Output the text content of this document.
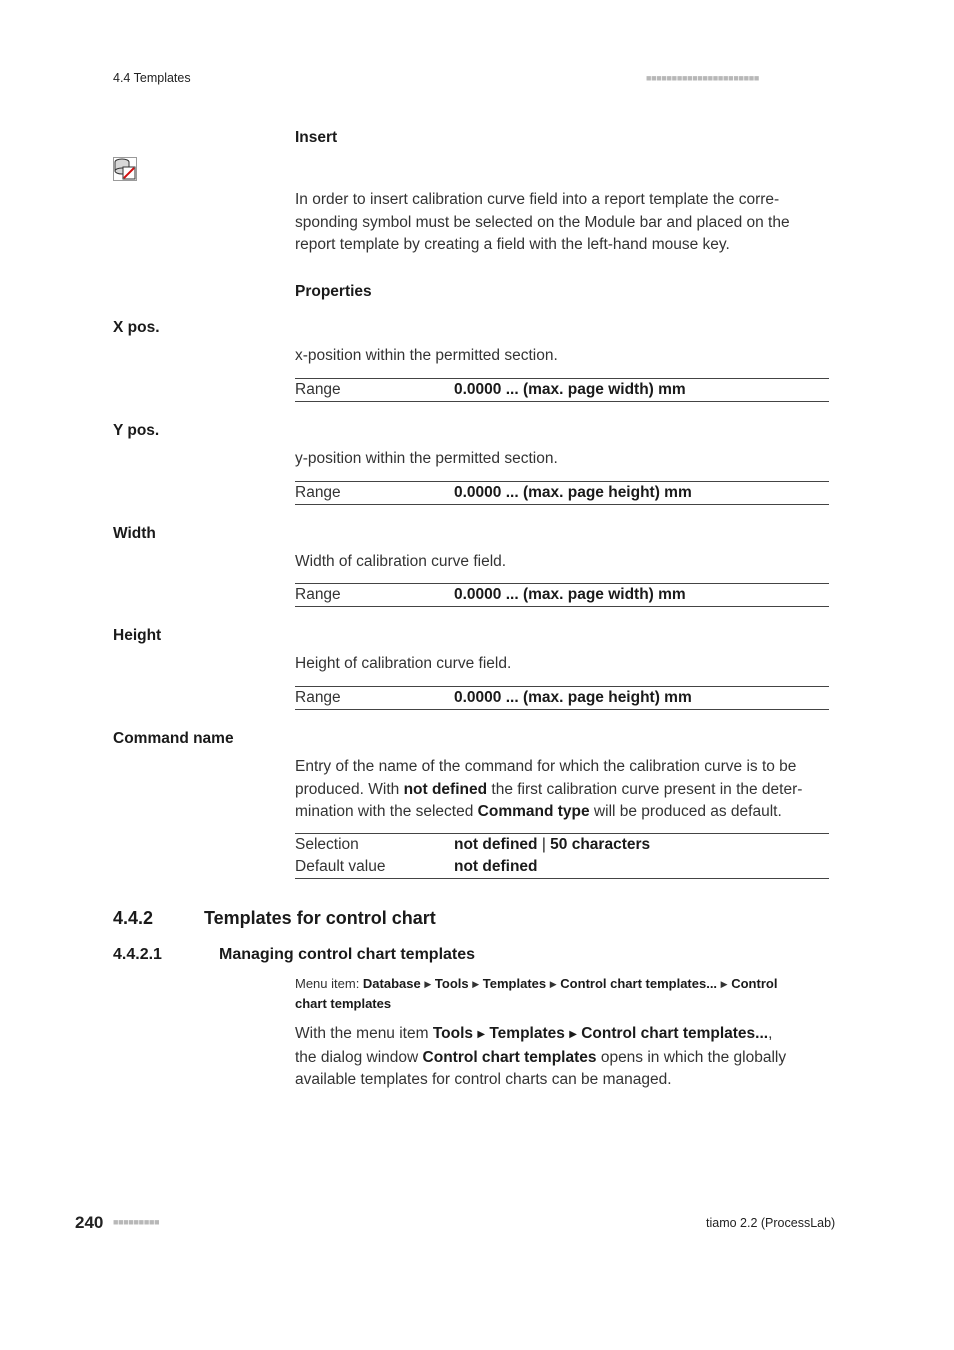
4.4 Templates	■■■■■■■■■■■■■■■■■■■■■■
Insert
In order to insert calibration curve field into a report template the corre-
sponding symbol must be selected on the Module bar and placed on the
report template by creating a field with the left-hand mouse key.
Properties
X pos.
x-position within the permitted section.
Range	0.0000 ... (max. page width) mm
Y pos.
y-position within the permitted section.
Range	0.0000 ... (max. page height) mm
Width
Width of calibration curve field.
Range	0.0000 ... (max. page width) mm
Height
Height of calibration curve field.
Range	0.0000 ... (max. page height) mm
Command name
Entry of the name of the command for which the calibration curve is to be
produced. With not defined the first calibration curve present in the deter-
mination with the selected Command type will be produced as default.
Selection	not defined | 50 characters
Default value	not defined
4.4.2	Templates for control chart
4.4.2.1	Managing control chart templates
Menu item: Database ▶ Tools ▶ Templates ▶ Control chart templates... ▶ Control
chart templates
With the menu item Tools ▶ Templates ▶ Control chart templates...,
the dialog window Control chart templates opens in which the globally
available templates for control charts can be managed.
240 ■■■■■■■■■	tiamo 2.2 (ProcessLab)
